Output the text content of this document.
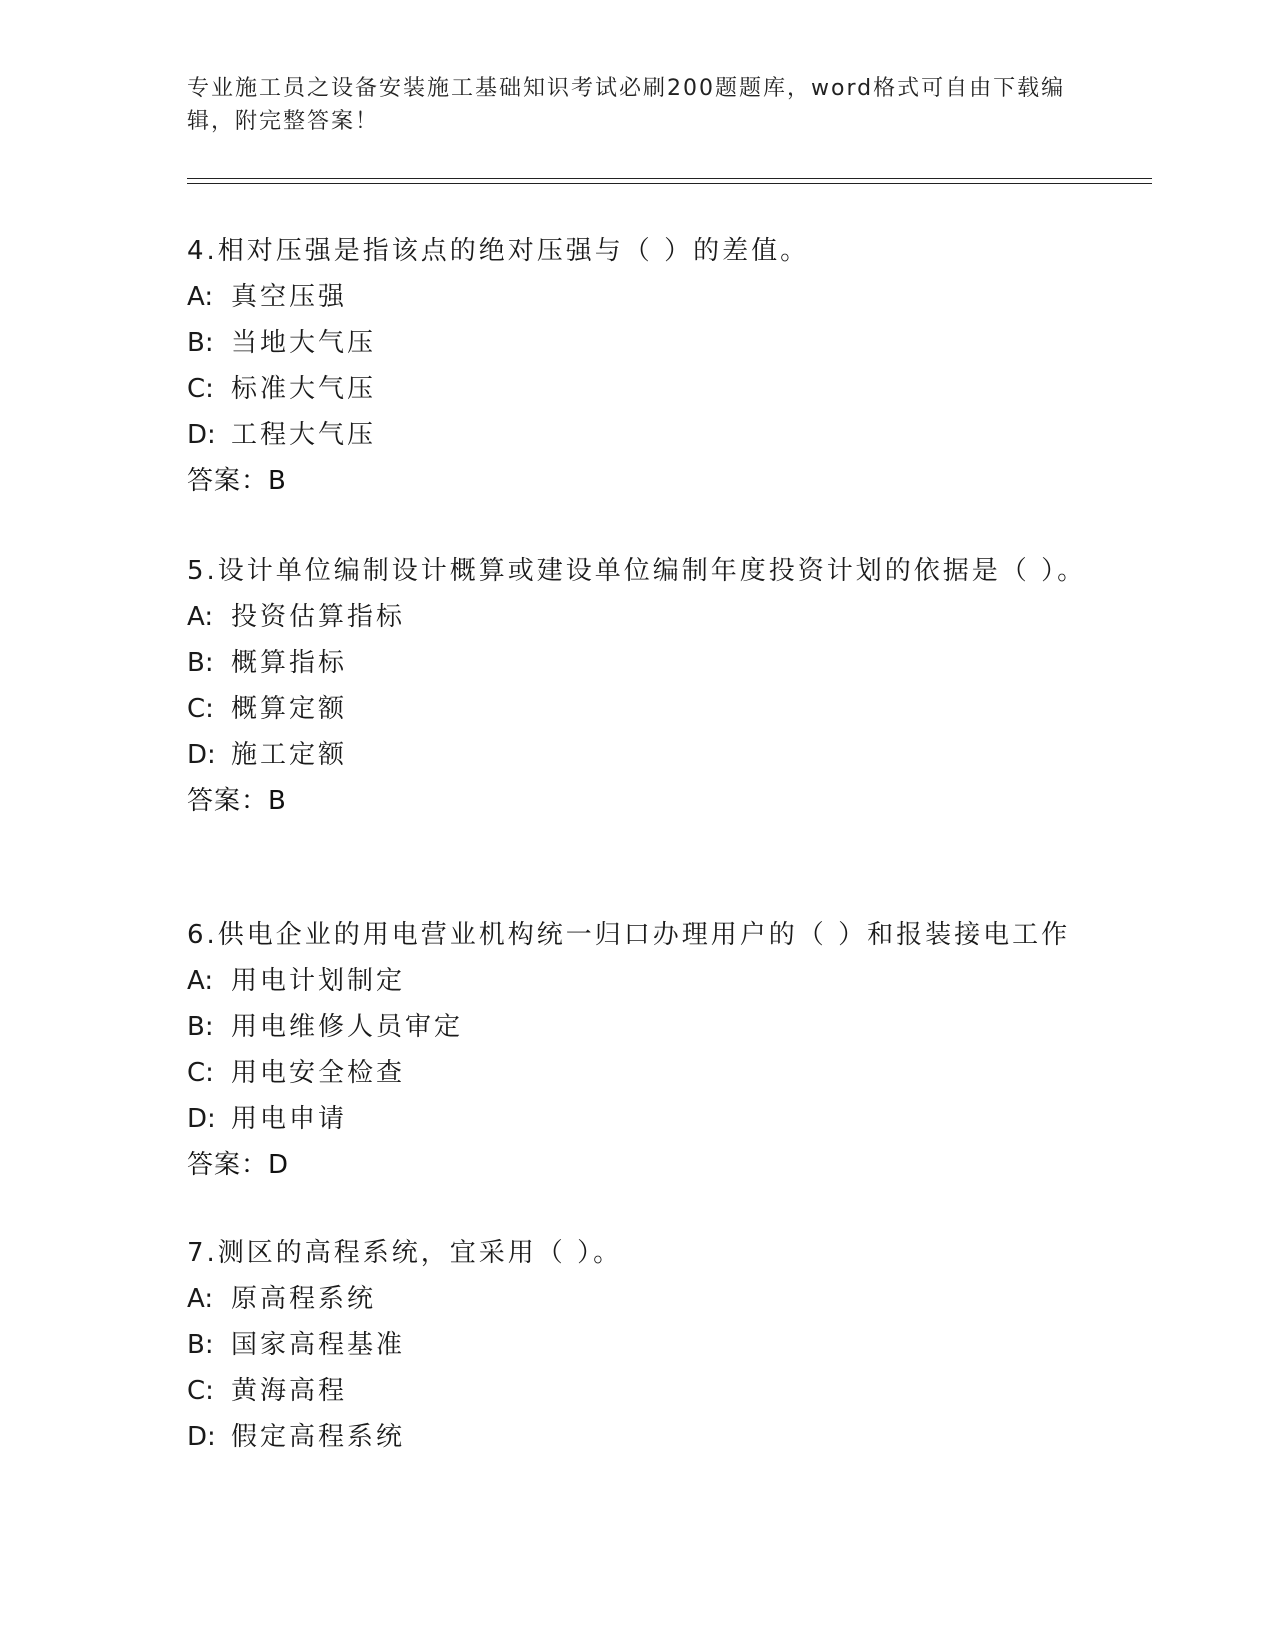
专业施工员之设备安装施工基础知识考试必刷200题题库，word格式可自由下载编辑，附完整答案！
4.相对压强是指该点的绝对压强与（ ）的差值。
A: 真空压强
B: 当地大气压
C: 标准大气压
D: 工程大气压
答案：B
5.设计单位编制设计概算或建设单位编制年度投资计划的依据是（ ）。
A: 投资估算指标
B: 概算指标
C: 概算定额
D: 施工定额
答案：B
6.供电企业的用电营业机构统一归口办理用户的（ ）和报装接电工作
A: 用电计划制定
B: 用电维修人员审定
C: 用电安全检查
D: 用电申请
答案：D
7.测区的高程系统，宜采用（ ）。
A: 原高程系统
B: 国家高程基准
C: 黄海高程
D: 假定高程系统
